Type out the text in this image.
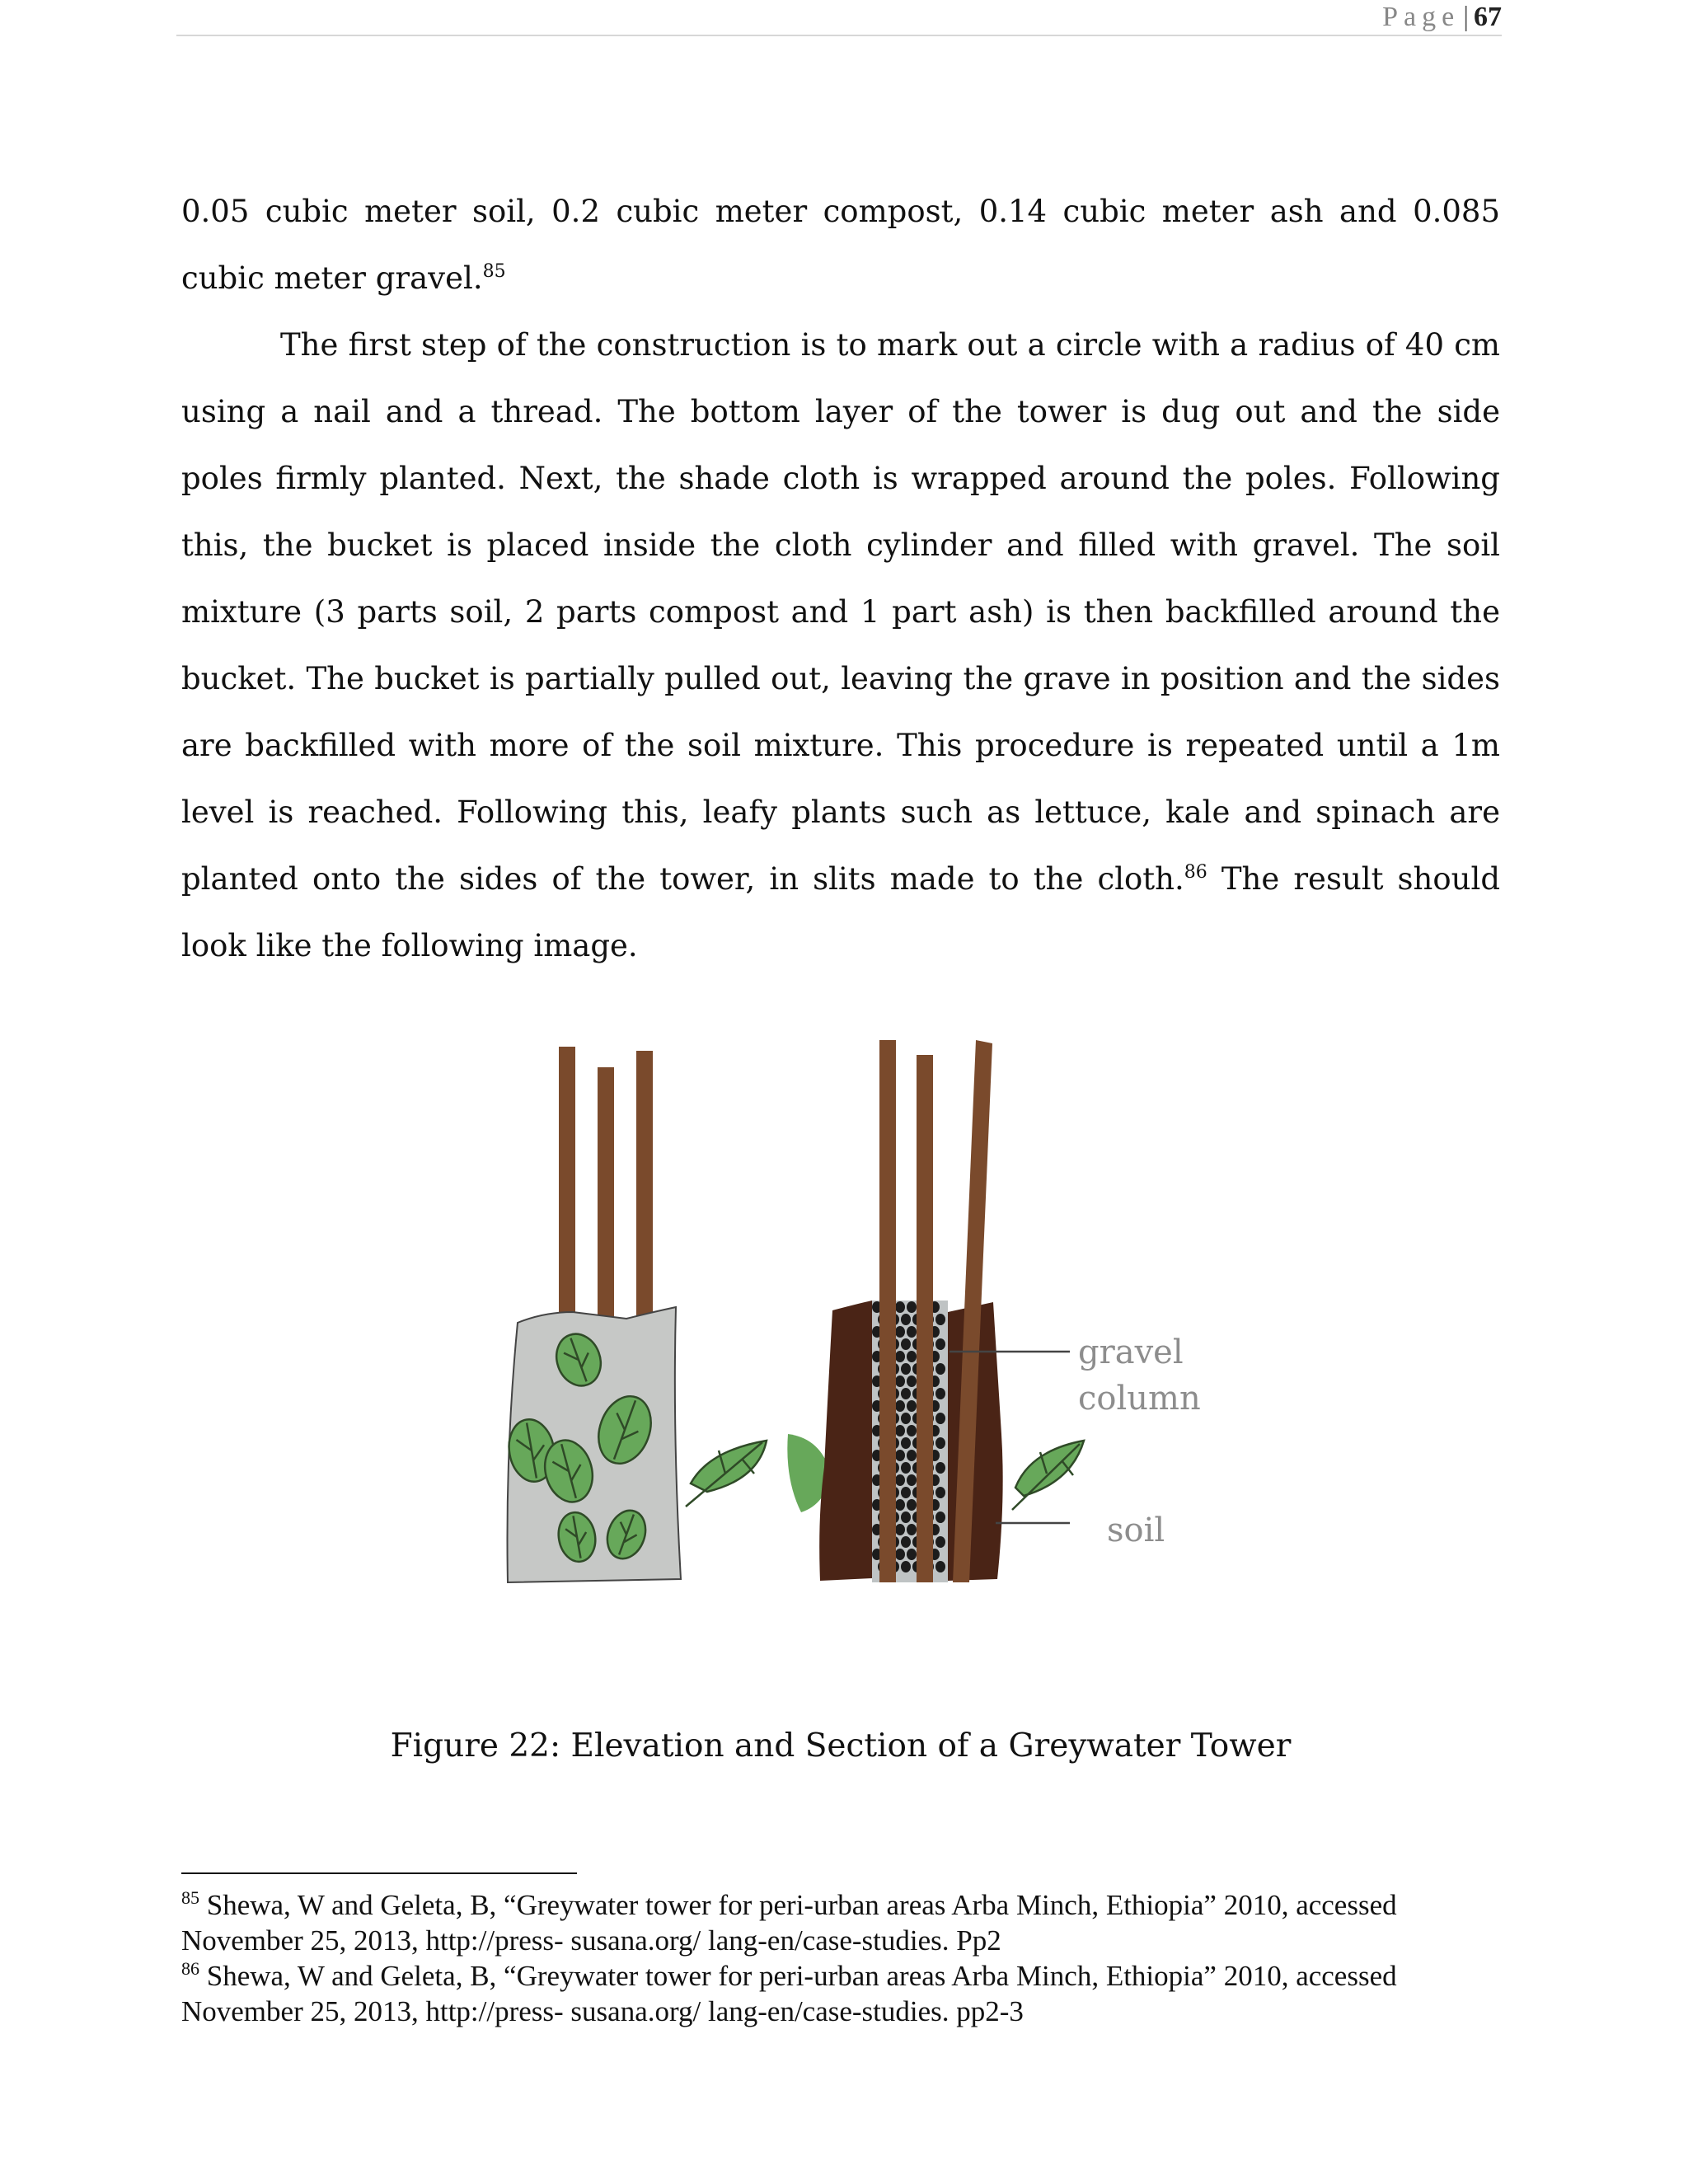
Page | 67

0.05 cubic meter soil, 0.2 cubic meter compost, 0.14 cubic meter ash and 0.085 cubic meter gravel.$^{85}$

The first step of the construction is to mark out a circle with a radius of 40 cm using a nail and a thread. The bottom layer of the tower is dug out and the side poles firmly planted. Next, the shade cloth is wrapped around the poles. Following this, the bucket is placed inside the cloth cylinder and filled with gravel. The soil mixture (3 parts soil, 2 parts compost and 1 part ash) is then backfilled around the bucket. The bucket is partially pulled out, leaving the grave in position and the sides are backfilled with more of the soil mixture. This procedure is repeated until a 1m level is reached. Following this, leafy plants such as lettuce, kale and spinach are planted onto the sides of the tower, in slits made to the cloth.$^{86}$ The result should look like the following image.

gravel
column
soil
Figure 22: Elevation and Section of a Greywater Tower

$^{85}$ Shewa, W and Geleta, B, “Greywater tower for peri-urban areas Arba Minch, Ethiopia” 2010, accessed November 25, 2013, http://press- susana.org/ lang-en/case-studies. Pp2

$^{86}$ Shewa, W and Geleta, B, “Greywater tower for peri-urban areas Arba Minch, Ethiopia” 2010, accessed November 25, 2013, http://press- susana.org/ lang-en/case-studies. pp2-3
